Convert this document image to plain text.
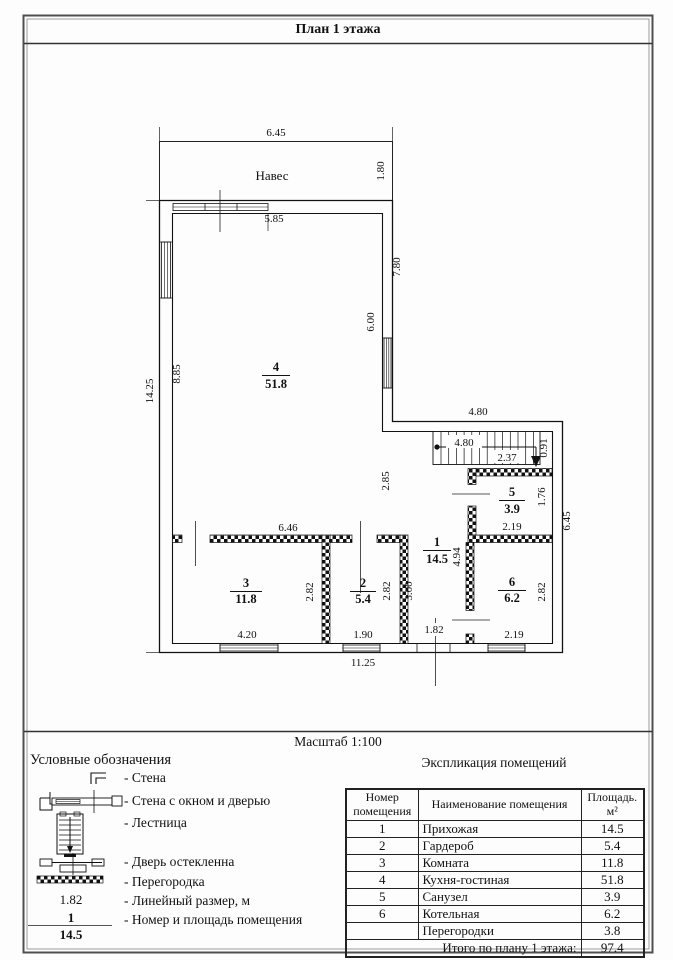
Навес
4.80
2.37
1
14.5
2
5.4
3
11.8
4
51.8
5
3.9
6
6.2
6.45
1.80
5.85
7.80
6.00
8.85
14.25
4.80
0.91
2.85
1.76
2.19	6.45
6.46
4.94
2.82	2.82 3.00	2.82
4.20	1.90	1.82	2.19
11.25
План 1 этажа
Масштаб 1:100
Условные обозначения
- Стена
- Стена с окном и дверью
- Лестница
- Дверь остекленна
- Перегородка
- Линейный размер, м
- Номер и площадь помещения
1.82
1
14.5
Экспликация помещений
Номер помещения	Наименование помещения	Площадь. м²
1	Прихожая	14.5
2	Гардероб	5.4
3	Комната	11.8
4	Кухня-гостиная	51.8
5	Санузел	3.9
6	Котельная	6.2
	Перегородки	3.8
Итого по плану 1 этажа:		97.4
